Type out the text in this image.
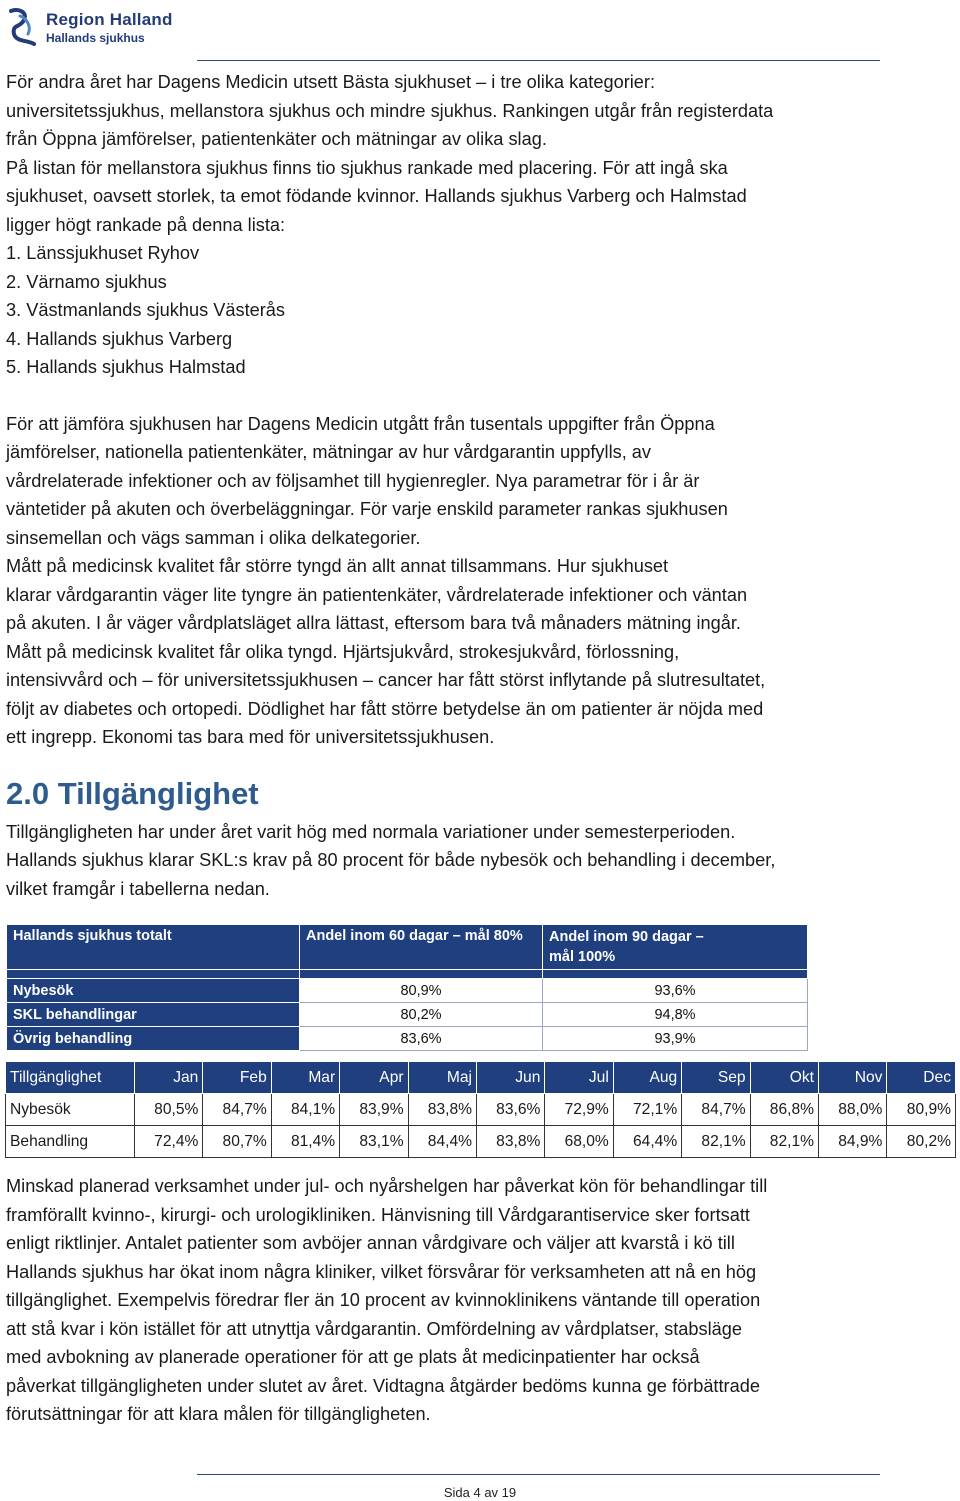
Region Halland
Hallands sjukhus

För andra året har Dagens Medicin utsett Bästa sjukhuset – i tre olika kategorier:
universitetssjukhus, mellanstora sjukhus och mindre sjukhus. Rankingen utgår från registerdata
från Öppna jämförelser, patientenkäter och mätningar av olika slag.
På listan för mellanstora sjukhus finns tio sjukhus rankade med placering. För att ingå ska
sjukhuset, oavsett storlek, ta emot födande kvinnor. Hallands sjukhus Varberg och Halmstad
ligger högt rankade på denna lista:

1. Länssjukhuset Ryhov
2. Värnamo sjukhus
3. Västmanlands sjukhus Västerås
4. Hallands sjukhus Varberg
5. Hallands sjukhus Halmstad

För att jämföra sjukhusen har Dagens Medicin utgått från tusentals uppgifter från Öppna
jämförelser, nationella patientenkäter, mätningar av hur vårdgarantin uppfylls, av
vårdrelaterade infektioner och av följsamhet till hygienregler. Nya parametrar för i år är
väntetider på akuten och överbeläggningar. För varje enskild parameter rankas sjukhusen
sinsemellan och vägs samman i olika delkategorier.
Mått på medicinsk kvalitet får större tyngd än allt annat tillsammans. Hur sjukhuset
klarar vårdgarantin väger lite tyngre än patientenkäter, vårdrelaterade infektioner och väntan
på akuten. I år väger vårdplatsläget allra lättast, eftersom bara två månaders mätning ingår.
Mått på medicinsk kvalitet får olika tyngd. Hjärtsjukvård, strokesjukvård, förlossning,
intensivvård och – för universitetssjukhusen – cancer har fått störst inflytande på slutresultatet,
följt av diabetes och ortopedi. Dödlighet har fått större betydelse än om patienter är nöjda med
ett ingrepp. Ekonomi tas bara med för universitetssjukhusen.

2.0 Tillgänglighet

Tillgängligheten har under året varit hög med normala variationer under semesterperioden.
Hallands sjukhus klarar SKL:s krav på 80 procent för både nybesök och behandling i december,
vilket framgår i tabellerna nedan.

Hallands sjukhus totalt	Andel inom 60 dagar – mål 80%	Andel inom 90 dagar –
mål 100%

Nybesök	80,9%	93,6%
SKL behandlingar	80,2%	94,8%
Övrig behandling	83,6%	93,9%
Tillgänglighet	Jan	Feb	Mar	Apr	Maj	Jun	Jul	Aug	Sep	Okt	Nov	Dec
Nybesök	80,5%	84,7%	84,1%	83,9%	83,8%	83,6%	72,9%	72,1%	84,7%	86,8%	88,0%	80,9%
Behandling	72,4%	80,7%	81,4%	83,1%	84,4%	83,8%	68,0%	64,4%	82,1%	82,1%	84,9%	80,2%

Minskad planerad verksamhet under jul- och nyårshelgen har påverkat kön för behandlingar till
framförallt kvinno-, kirurgi- och urologikliniken. Hänvisning till Vårdgarantiservice sker fortsatt
enligt riktlinjer. Antalet patienter som avböjer annan vårdgivare och väljer att kvarstå i kö till
Hallands sjukhus har ökat inom några kliniker, vilket försvårar för verksamheten att nå en hög
tillgänglighet. Exempelvis föredrar fler än 10 procent av kvinnoklinikens väntande till operation
att stå kvar i kön istället för att utnyttja vårdgarantin. Omfördelning av vårdplatser, stabsläge
med avbokning av planerade operationer för att ge plats åt medicinpatienter har också
påverkat tillgängligheten under slutet av året. Vidtagna åtgärder bedöms kunna ge förbättrade
förutsättningar för att klara målen för tillgängligheten.

Sida 4 av 19
